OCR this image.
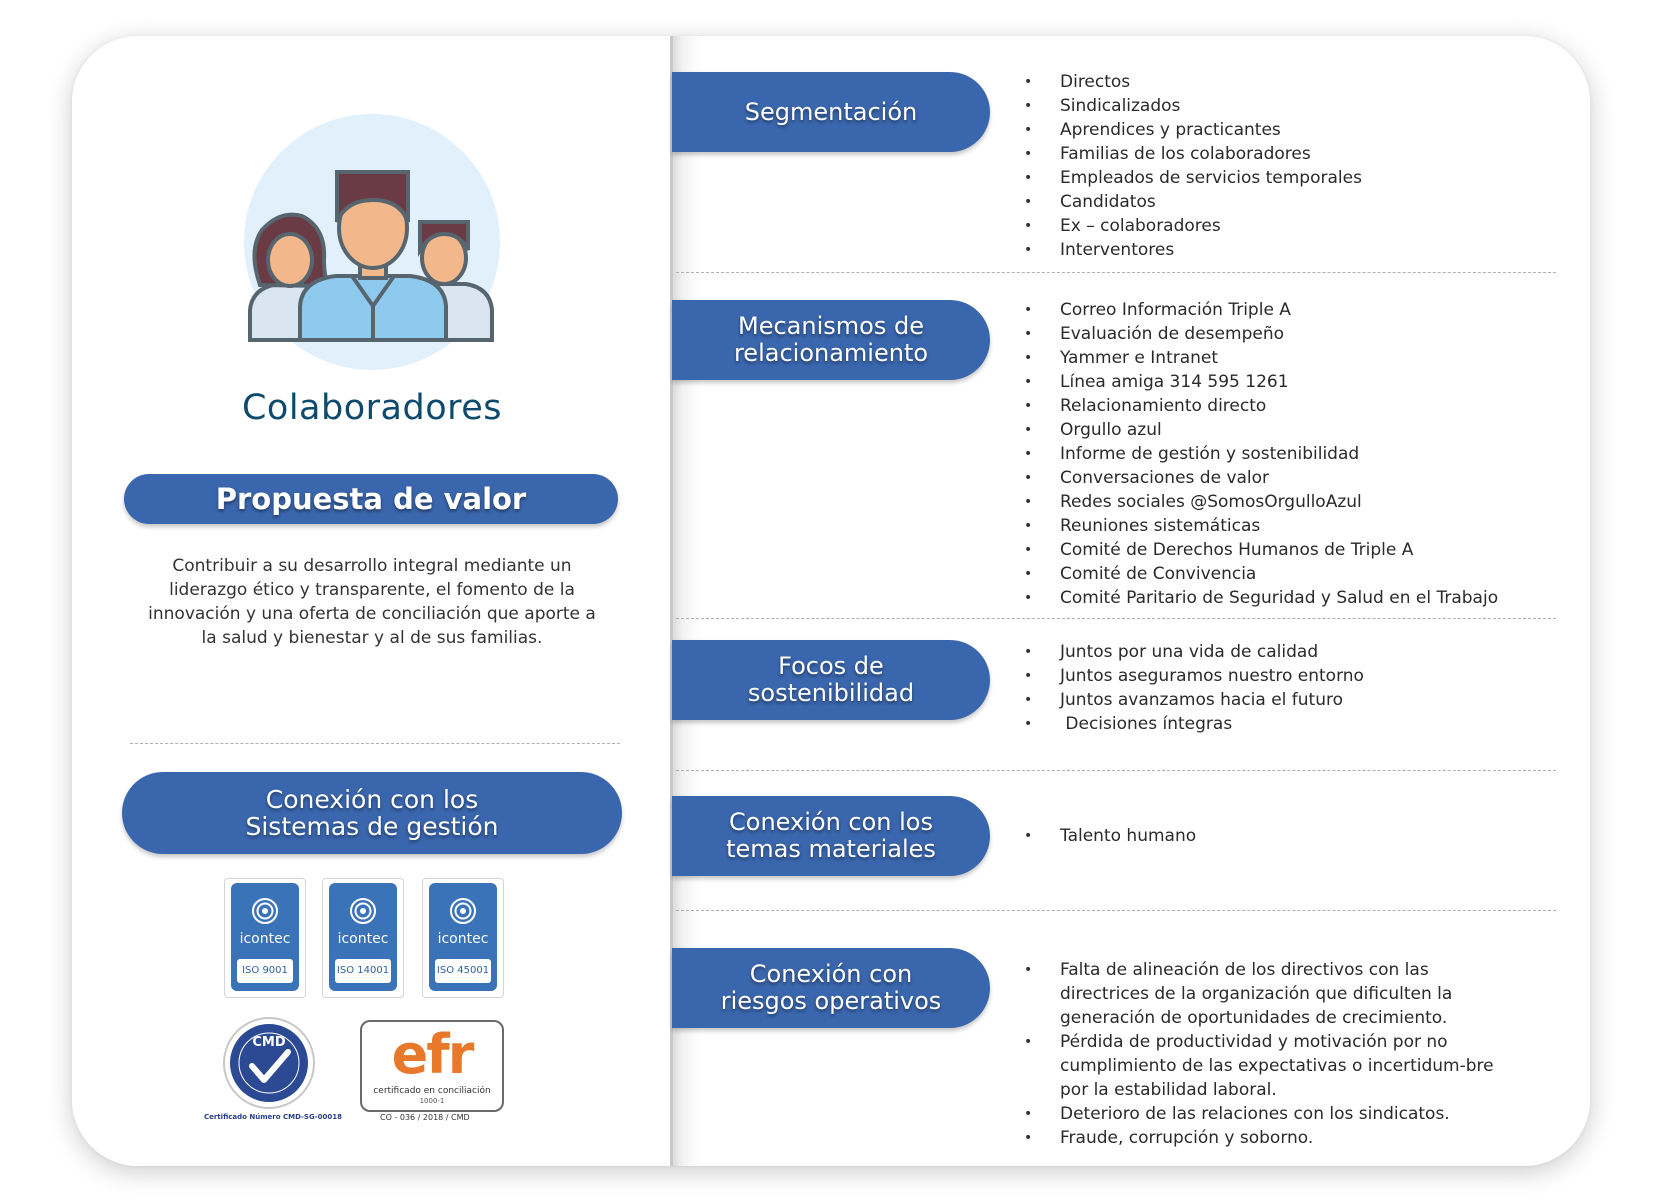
Colaboradores
Propuesta de valor
Contribuir a su desarrollo integral mediante un liderazgo ético y transparente, el fomento de la innovación y una oferta de conciliación que aporte a la salud y bienestar y al de sus familias.
Conexión con los
Sistemas de gestión
icontec
ISO 9001
icontec
ISO 14001
icontec
ISO 45001
CMD
Certificado Número CMD-SG-00018
efr
certificado en conciliación
1000-1
CO - 036 / 2018 / CMD
Segmentación
• Directos
• Sindicalizados
• Aprendices y practicantes
• Familias de los colaboradores
• Empleados de servicios temporales
• Candidatos
• Ex – colaboradores
• Interventores
Mecanismos de
relacionamiento
• Correo Información Triple A
• Evaluación de desempeño
• Yammer e Intranet
• Línea amiga 314 595 1261
• Relacionamiento directo
• Orgullo azul
• Informe de gestión y sostenibilidad
• Conversaciones de valor
• Redes sociales @SomosOrgulloAzul
• Reuniones sistemáticas
• Comité de Derechos Humanos de Triple A
• Comité de Convivencia
• Comité Paritario de Seguridad y Salud en el Trabajo
Focos de
sostenibilidad
• Juntos por una vida de calidad
• Juntos aseguramos nuestro entorno
• Juntos avanzamos hacia el futuro
•  Decisiones íntegras
Conexión con los
temas materiales
•	Talento humano
Conexión con
riesgos operativos
• Falta de alineación de los directivos con las directrices de la organización que dificulten la generación de oportunidades de crecimiento.
• Pérdida de productividad y motivación por no cumplimiento de las expectativas o incertidum-bre por la estabilidad laboral.
• Deterioro de las relaciones con los sindicatos.
• Fraude, corrupción y soborno.
